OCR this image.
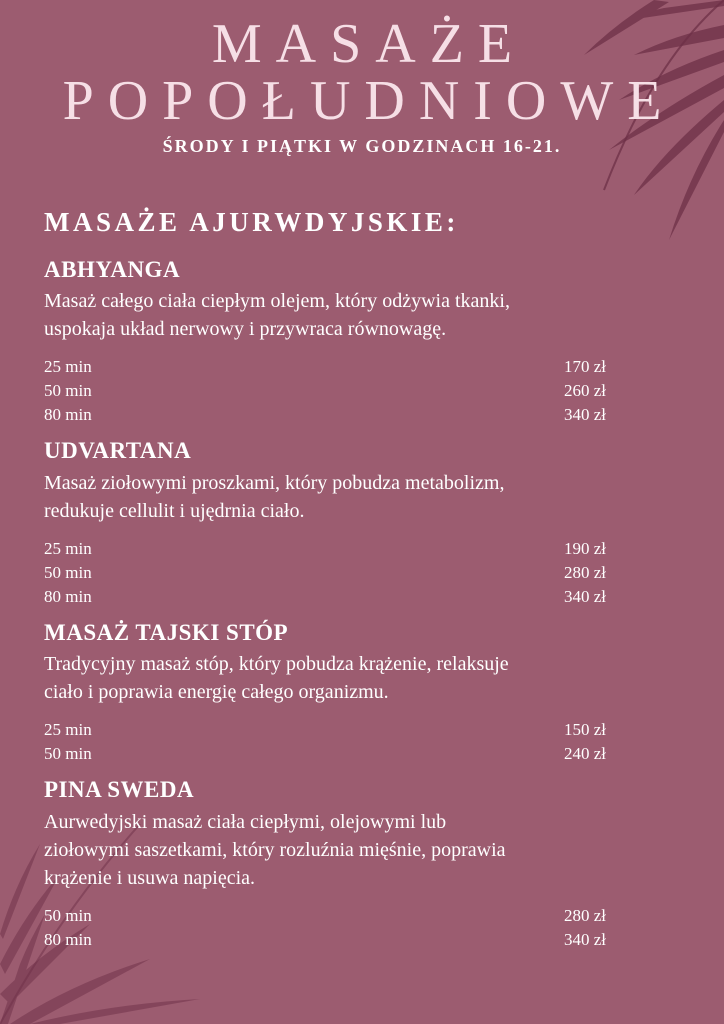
MASAŻE
POPOŁUDNIOWE
ŚRODY I PIĄTKI W GODZINACH 16-21.
MASAŻE AJURWDYJSKIE:
ABHYANGA
Masaż całego ciała ciepłym olejem, który odżywia tkanki,
uspokaja układ nerwowy i przywraca równowagę.
25 min	170 zł
50 min	260 zł
80 min	340 zł
UDVARTANA
Masaż ziołowymi proszkami, który pobudza metabolizm,
redukuje cellulit i ujędrnia ciało.
25 min	190 zł
50 min	280 zł
80 min	340 zł
MASAŻ TAJSKI STÓP
Tradycyjny masaż stóp, który pobudza krążenie, relaksuje
ciało i poprawia energię całego organizmu.
25 min	150 zł
50 min	240 zł
PINA SWEDA
Aurwedyjski masaż ciała ciepłymi, olejowymi lub
ziołowymi saszetkami, który rozluźnia mięśnie, poprawia
krążenie i usuwa napięcia.
50 min	280 zł
80 min	340 zł
